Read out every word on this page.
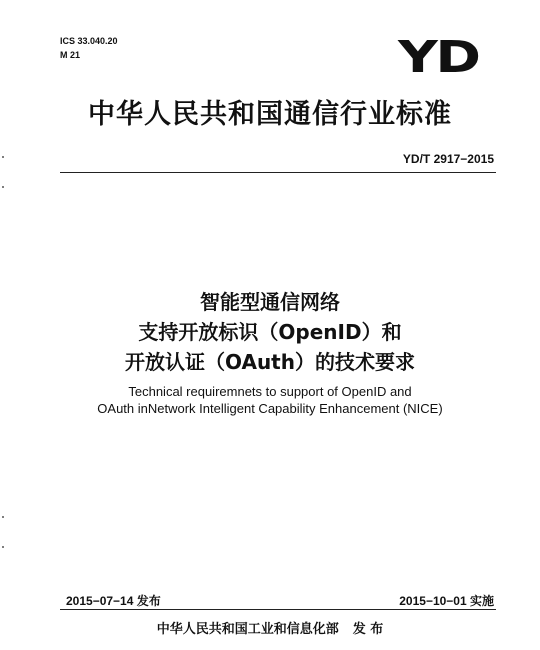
ICS 33.040.20
M 21	YD
中华人民共和国通信行业标准
YD/T 2917−2015
智能型通信网络
支持开放标识（OpenID）和
开放认证（OAuth）的技术要求
Technical requiremnets to support of OpenID and
OAuth inNetwork Intelligent Capability Enhancement (NICE)
2015−07−14 发布	2015−10−01 实施
中华人民共和国工业和信息化部 发 布
